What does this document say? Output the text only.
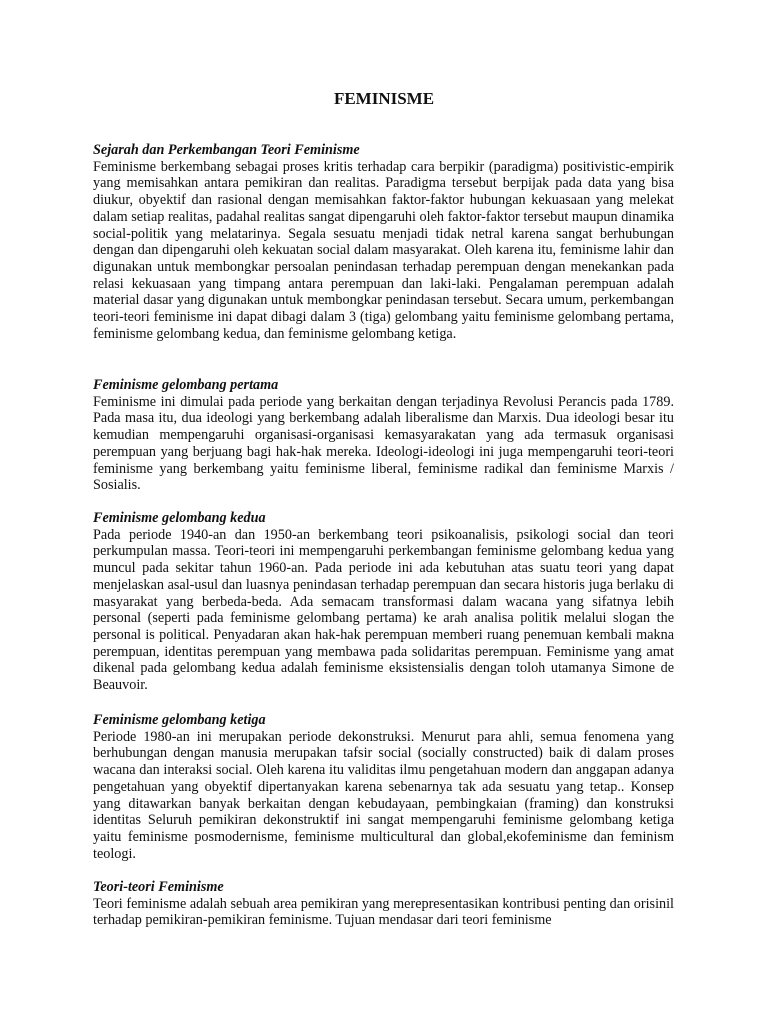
FEMINISME

Sejarah dan Perkembangan Teori Feminisme

Feminisme berkembang sebagai proses kritis terhadap cara berpikir (paradigma) positivistic-empirik yang memisahkan antara pemikiran dan realitas. Paradigma tersebut berpijak pada data yang bisa diukur, obyektif dan rasional dengan memisahkan faktor-faktor hubungan kekuasaan yang melekat dalam setiap realitas, padahal realitas sangat dipengaruhi oleh faktor-faktor tersebut maupun dinamika social-politik yang melatarinya. Segala sesuatu menjadi tidak netral karena sangat berhubungan dengan dan dipengaruhi oleh kekuatan social dalam masyarakat. Oleh karena itu, feminisme lahir dan digunakan untuk membongkar persoalan penindasan terhadap perempuan dengan menekankan pada relasi kekuasaan yang timpang antara perempuan dan laki-laki. Pengalaman perempuan adalah material dasar yang digunakan untuk membongkar penindasan tersebut. Secara umum, perkembangan teori-teori feminisme ini dapat dibagi dalam 3 (tiga) gelombang yaitu feminisme gelombang pertama, feminisme gelombang kedua, dan feminisme gelombang ketiga.

Feminisme gelombang pertama

Feminisme ini dimulai pada periode yang berkaitan dengan terjadinya Revolusi Perancis pada 1789. Pada masa itu, dua ideologi yang berkembang adalah liberalisme dan Marxis. Dua ideologi besar itu kemudian mempengaruhi organisasi-organisasi kemasyarakatan yang ada termasuk organisasi perempuan yang berjuang bagi hak-hak mereka. Ideologi-ideologi ini juga mempengaruhi teori-teori feminisme yang berkembang yaitu feminisme liberal, feminisme radikal dan feminisme Marxis / Sosialis.

Feminisme gelombang kedua

Pada periode 1940-an dan 1950-an berkembang teori psikoanalisis, psikologi social dan teori perkumpulan massa. Teori-teori ini mempengaruhi perkembangan feminisme gelombang kedua yang muncul pada sekitar tahun 1960-an. Pada periode ini ada kebutuhan atas suatu teori yang dapat menjelaskan asal-usul dan luasnya penindasan terhadap perempuan dan secara historis juga berlaku di masyarakat yang berbeda-beda. Ada semacam transformasi dalam wacana yang sifatnya lebih personal (seperti pada feminisme gelombang pertama) ke arah analisa politik melalui slogan the personal is political. Penyadaran akan hak-hak perempuan memberi ruang penemuan kembali makna perempuan, identitas perempuan yang membawa pada solidaritas perempuan. Feminisme yang amat dikenal pada gelombang kedua adalah feminisme eksistensialis dengan toloh utamanya Simone de Beauvoir.

Feminisme gelombang ketiga

Periode 1980-an ini merupakan periode dekonstruksi. Menurut para ahli, semua fenomena yang berhubungan dengan manusia merupakan tafsir social (socially constructed) baik di dalam proses wacana dan interaksi social. Oleh karena itu validitas ilmu pengetahuan modern dan anggapan adanya pengetahuan yang obyektif dipertanyakan karena sebenarnya tak ada sesuatu yang tetap.. Konsep yang ditawarkan banyak berkaitan dengan kebudayaan, pembingkaian (framing) dan konstruksi identitas Seluruh pemikiran dekonstruktif ini sangat mempengaruhi feminisme gelombang ketiga yaitu feminisme posmodernisme, feminisme multicultural dan global,ekofeminisme dan feminism teologi.

Teori-teori Feminisme

Teori feminisme adalah sebuah area pemikiran yang merepresentasikan kontribusi penting dan orisinil terhadap pemikiran-pemikiran feminisme. Tujuan mendasar dari teori feminisme
